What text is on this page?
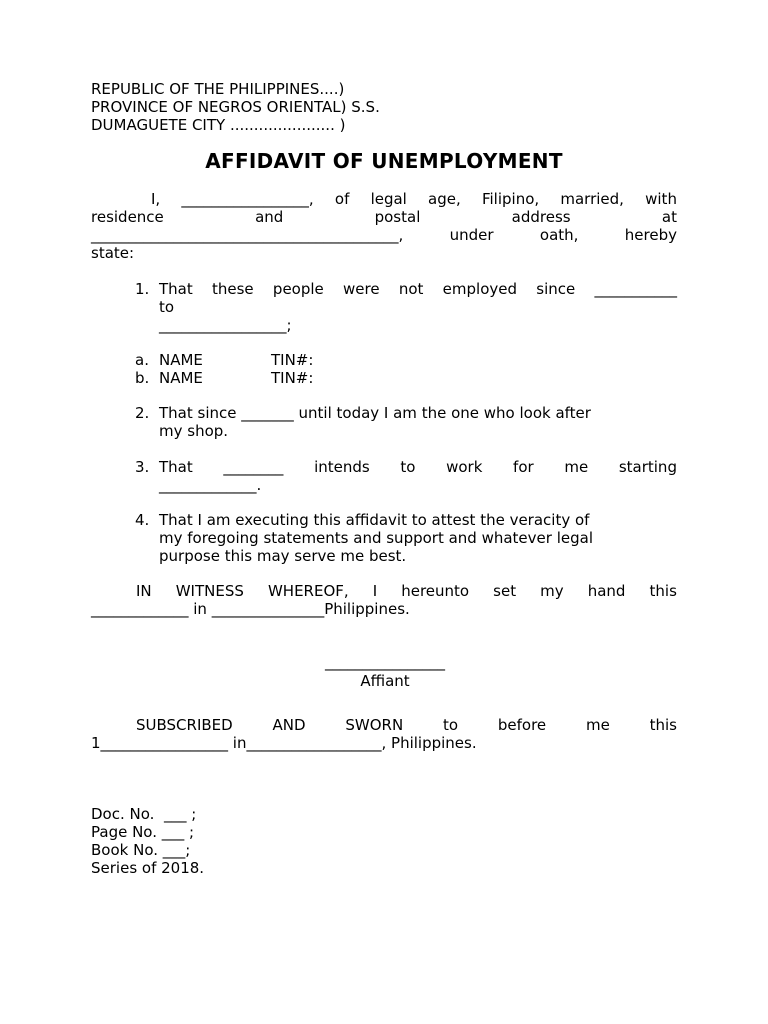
REPUBLIC OF THE PHILIPPINES....)
PROVINCE OF NEGROS ORIENTAL) S.S.
DUMAGUETE CITY ...................... )
AFFIDAVIT OF UNEMPLOYMENT
I, _________________, of legal age, Filipino, married, with
residence	and	postal	address	at
_________________________________________,	under	oath,	hereby
state:
1. That these people were not employed since ___________
to
_________________;
a. NAME	TIN#:
b. NAME	TIN#:
2. That since _______ until today I am the one who look after
my shop.
3. That ________ intends to work for me starting
_____________.
4. That I am executing this affidavit to attest the veracity of
my foregoing statements and support and whatever legal
purpose this may serve me best.
IN WITNESS WHEREOF, I hereunto set my hand this
_____________ in _______________Philippines.
________________
Affiant
SUBSCRIBED	AND	SWORN	to	before	me	this
1_________________ in__________________, Philippines.
Doc. No.  ___ ;
Page No. ___ ;
Book No. ___;
Series of 2018.
